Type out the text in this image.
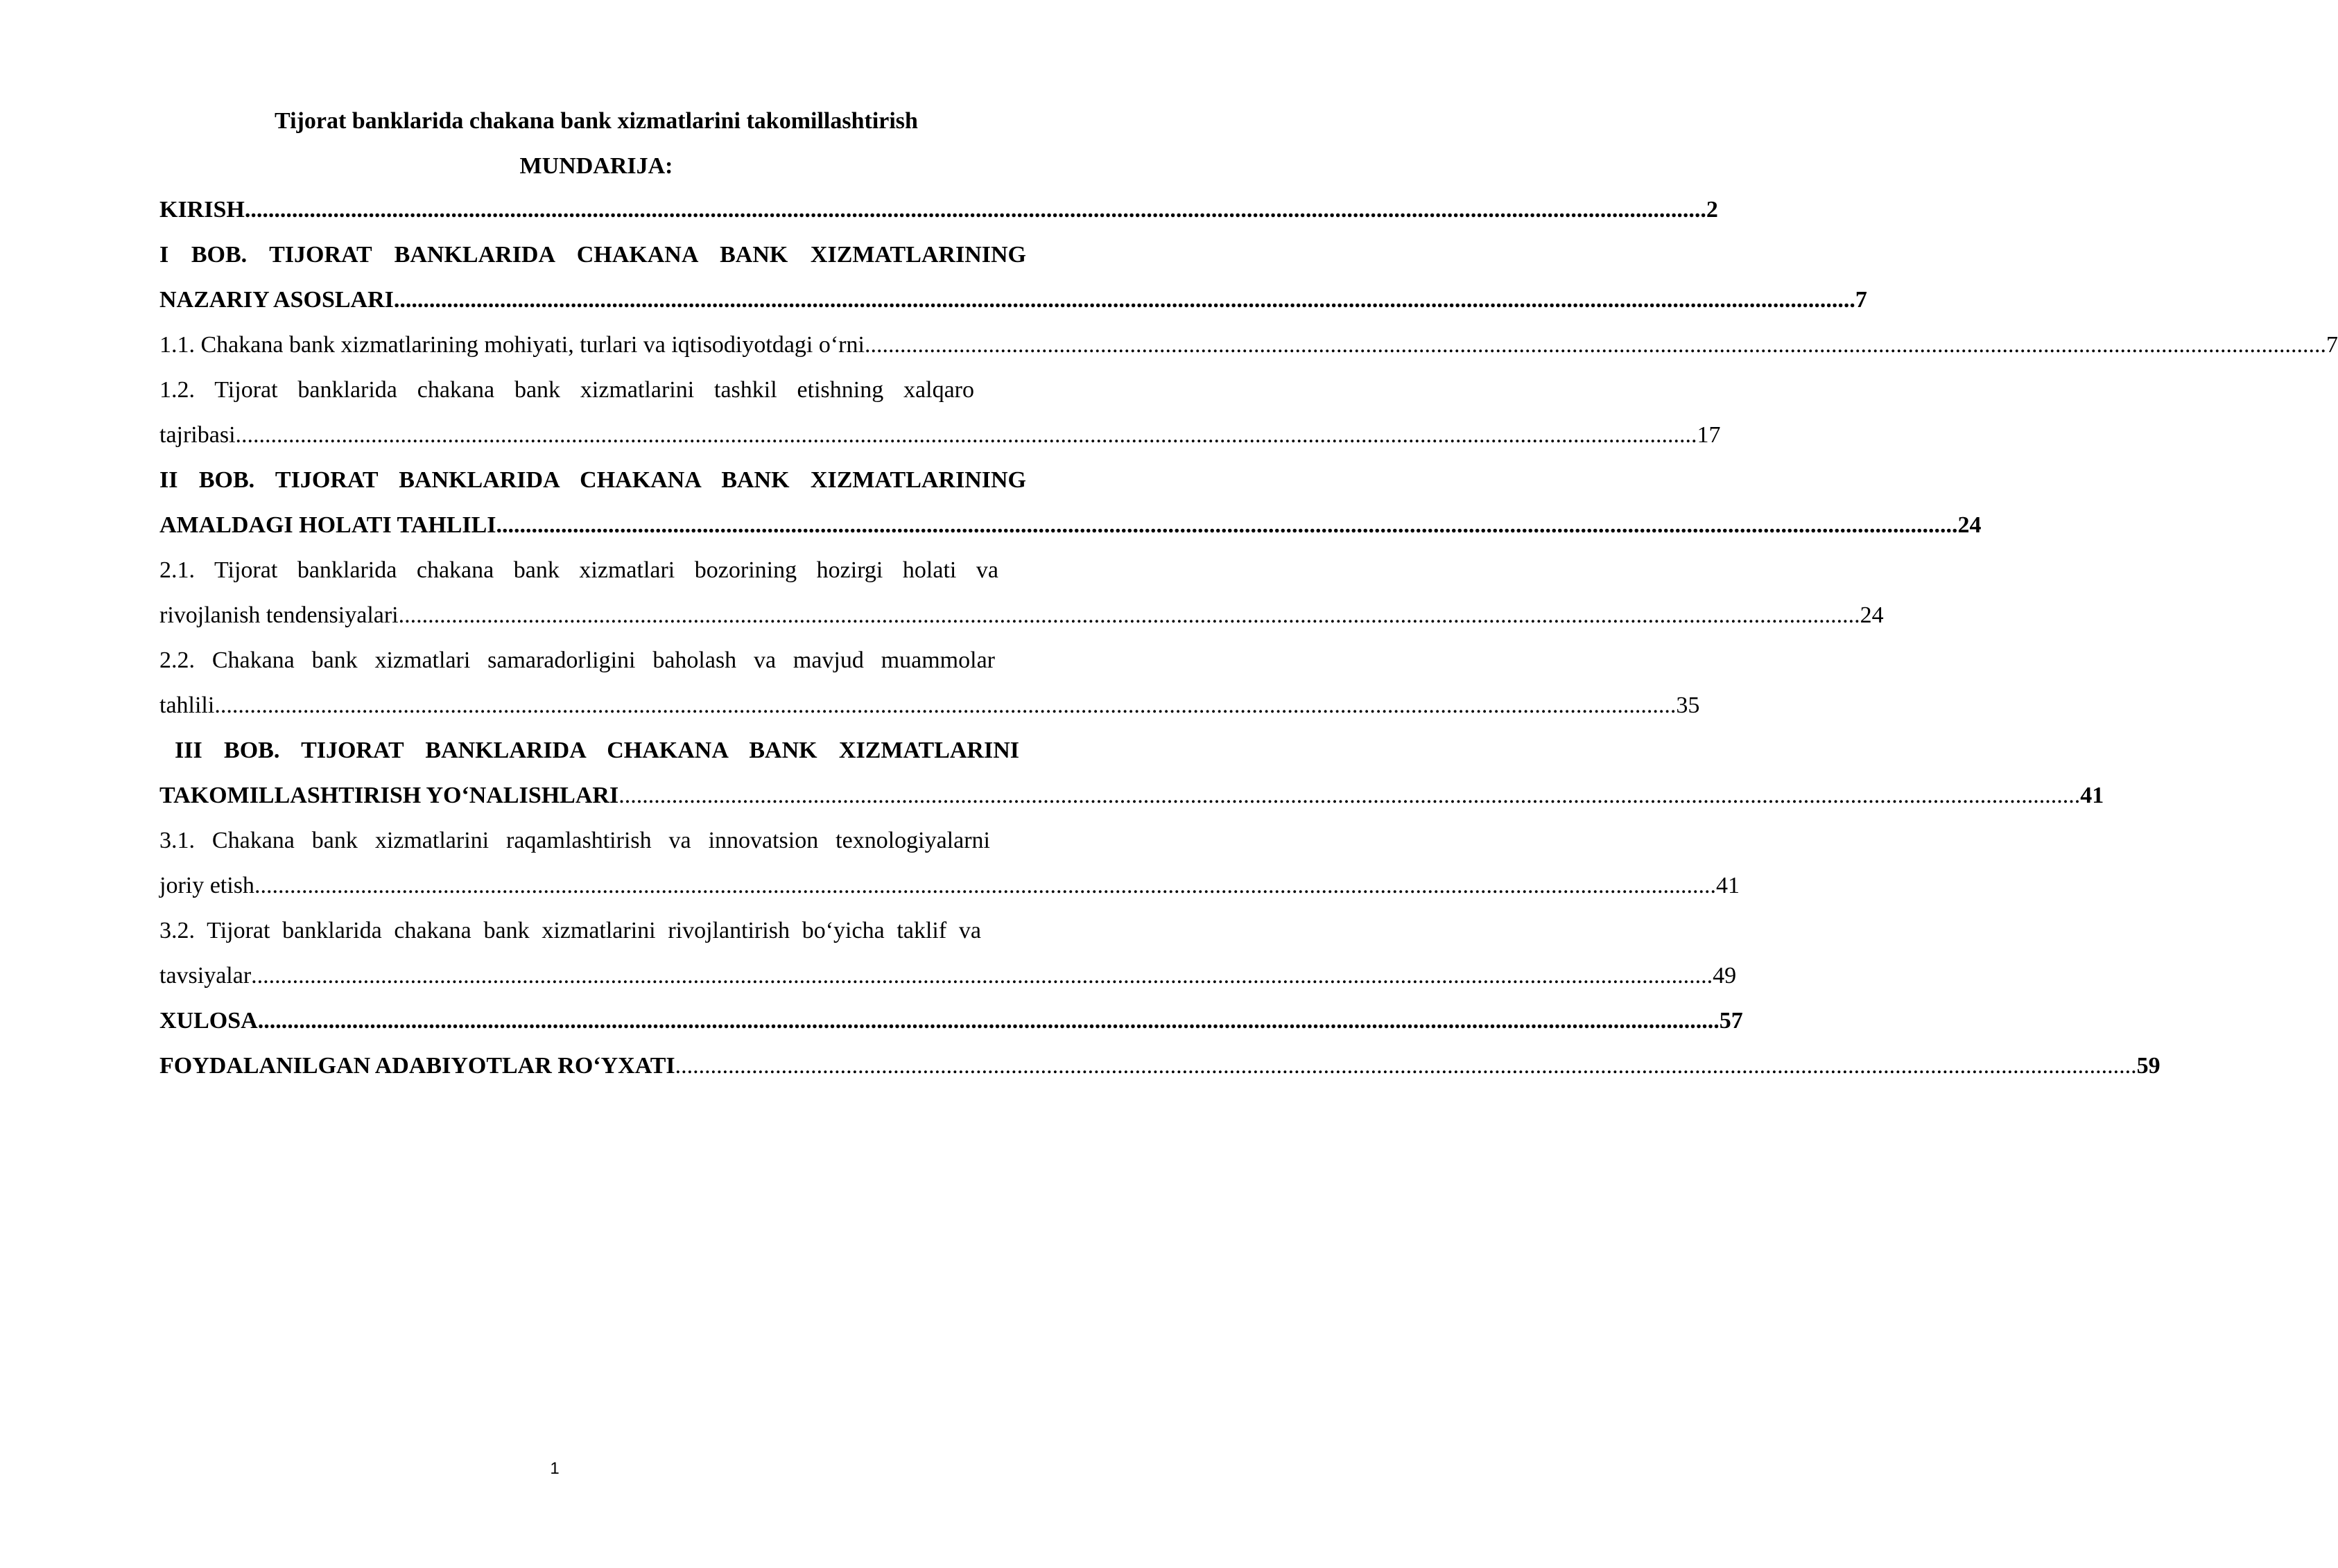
Tijorat banklarida chakana bank xizmatlarini takomillashtirish
MUNDARIJA:
KIRISH .....	2
I BOB. TIJORAT BANKLARIDA CHAKANA BANK XIZMATLARINING
NAZARIY ASOSLARI .....	7
1.1. Chakana bank xizmatlarining mohiyati, turlari va iqtisodiyotdagi o‘rni .....	7
1.2. Tijorat banklarida chakana bank xizmatlarini tashkil etishning xalqaro
tajribasi .....	17
II BOB. TIJORAT BANKLARIDA CHAKANA BANK XIZMATLARINING
AMALDAGI HOLATI TAHLILI .....	24
2.1. Tijorat banklarida chakana bank xizmatlari bozorining hozirgi holati va
rivojlanish tendensiyalari .....	24
2.2. Chakana bank xizmatlari samaradorligini baholash va mavjud muammolar
tahlili .....	35
III BOB. TIJORAT BANKLARIDA CHAKANA BANK XIZMATLARINI
TAKOMILLASHTIRISH YO‘NALISHLARI .....	41
3.1. Chakana bank xizmatlarini raqamlashtirish va innovatsion texnologiyalarni
joriy etish .....	41
3.2. Tijorat banklarida chakana bank xizmatlarini rivojlantirish bo‘yicha taklif va
tavsiyalar .....	49
XULOSA .....	57
FOYDALANILGAN ADABIYOTLAR RO‘YXATI .....	59
1
